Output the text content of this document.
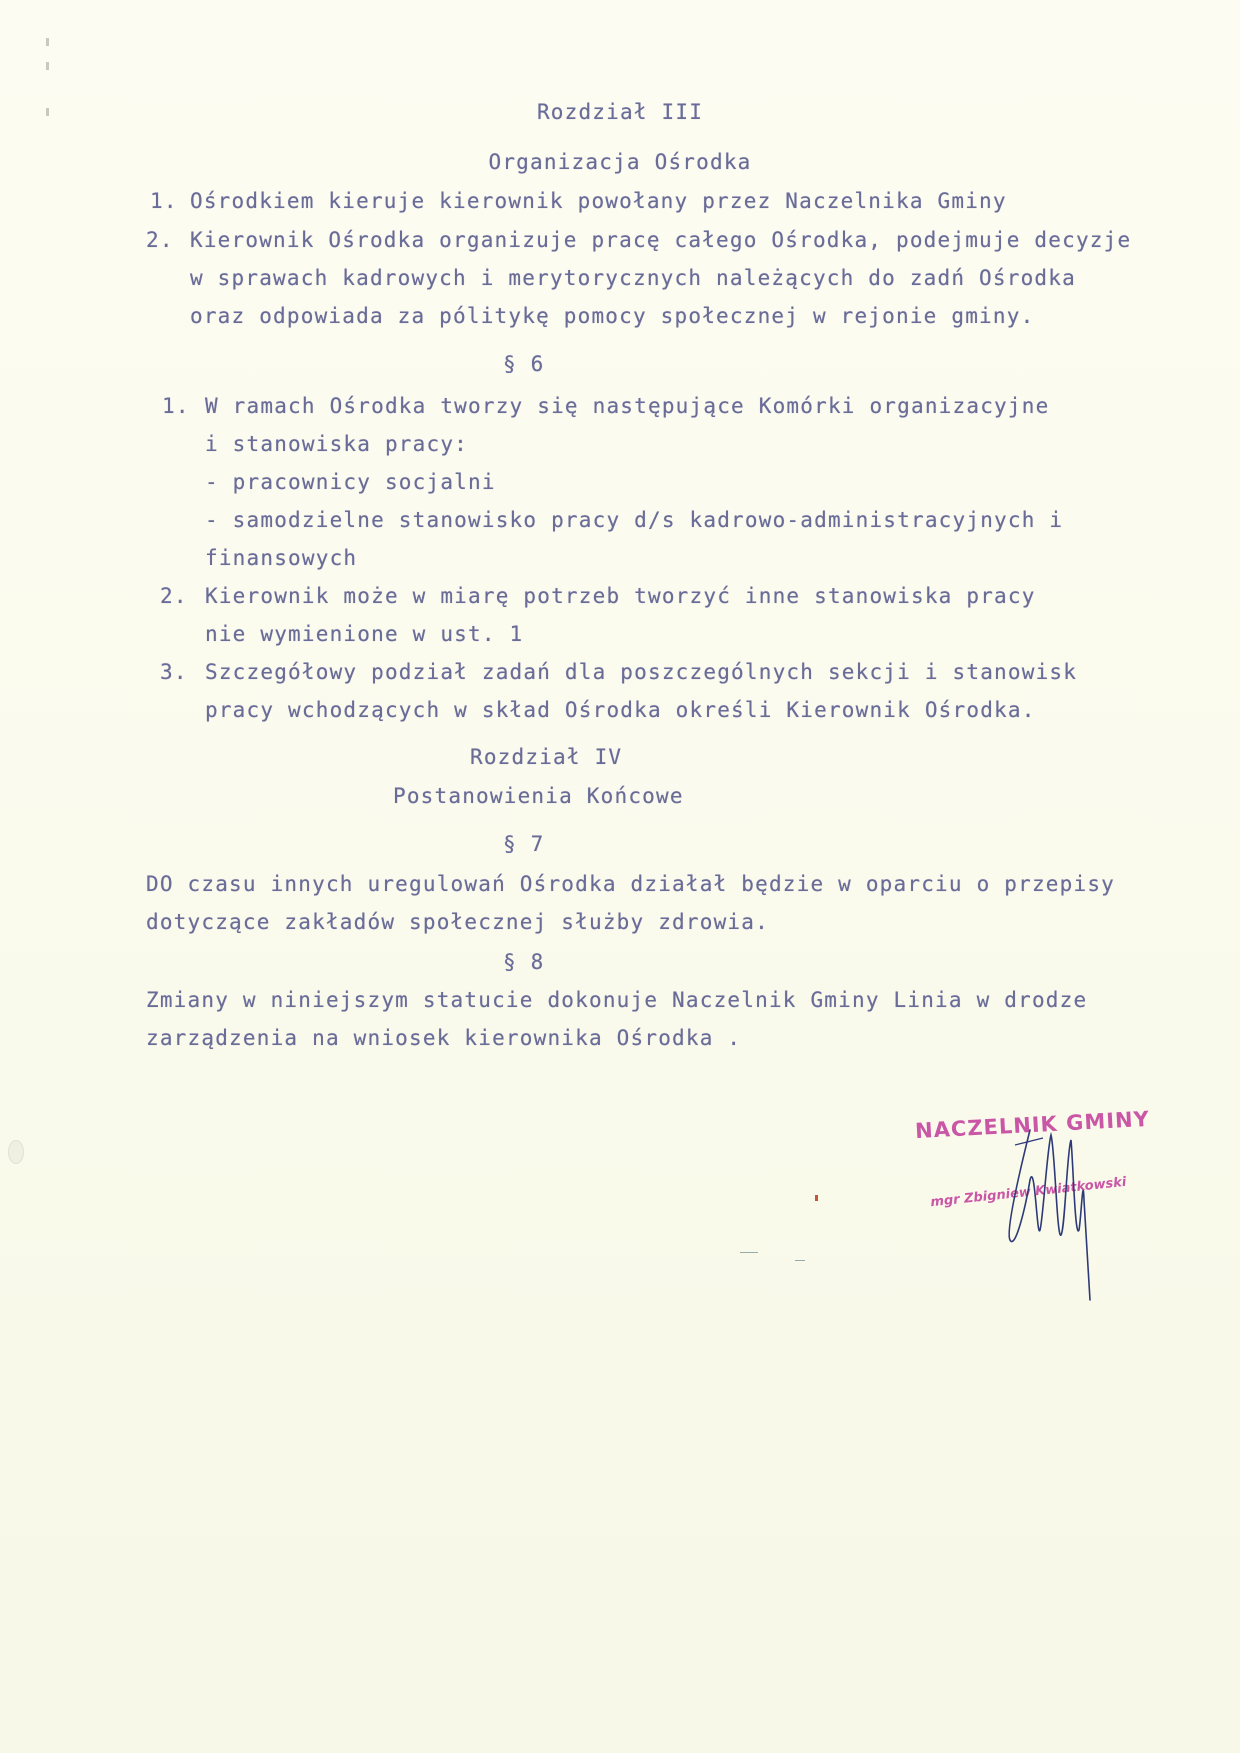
Rozdział III
Organizacja Ośrodka
1. Ośrodkiem kieruje kierownik powołany przez Naczelnika Gminy
2. Kierownik Ośrodka organizuje pracę całego Ośrodka, podejmuje decyzje
w sprawach kadrowych i merytorycznych należących do zadń Ośrodka
oraz odpowiada za pólitykę pomocy społecznej w rejonie gminy.
§ 6
1. W ramach Ośrodka tworzy się następujące Komórki organizacyjne
i stanowiska pracy:
- pracownicy socjalni
- samodzielne stanowisko pracy d/s kadrowo-administracyjnych i
finansowych
2. Kierownik może w miarę potrzeb tworzyć inne stanowiska pracy
nie wymienione w ust. 1
3. Szczegółowy podział zadań dla poszczególnych sekcji i stanowisk
pracy wchodzących w skład Ośrodka określi Kierownik Ośrodka.
Rozdział IV
Postanowienia Końcowe
§ 7
DO czasu innych uregulowań Ośrodka działał będzie w oparciu o przepisy
dotyczące zakładów społecznej służby zdrowia.
§ 8
Zmiany w niniejszym statucie dokonuje Naczelnik Gminy Linia w drodze
zarządzenia na wniosek kierownika Ośrodka .
NACZELNIK GMINY
mgr Zbigniew Kwiatkowski
